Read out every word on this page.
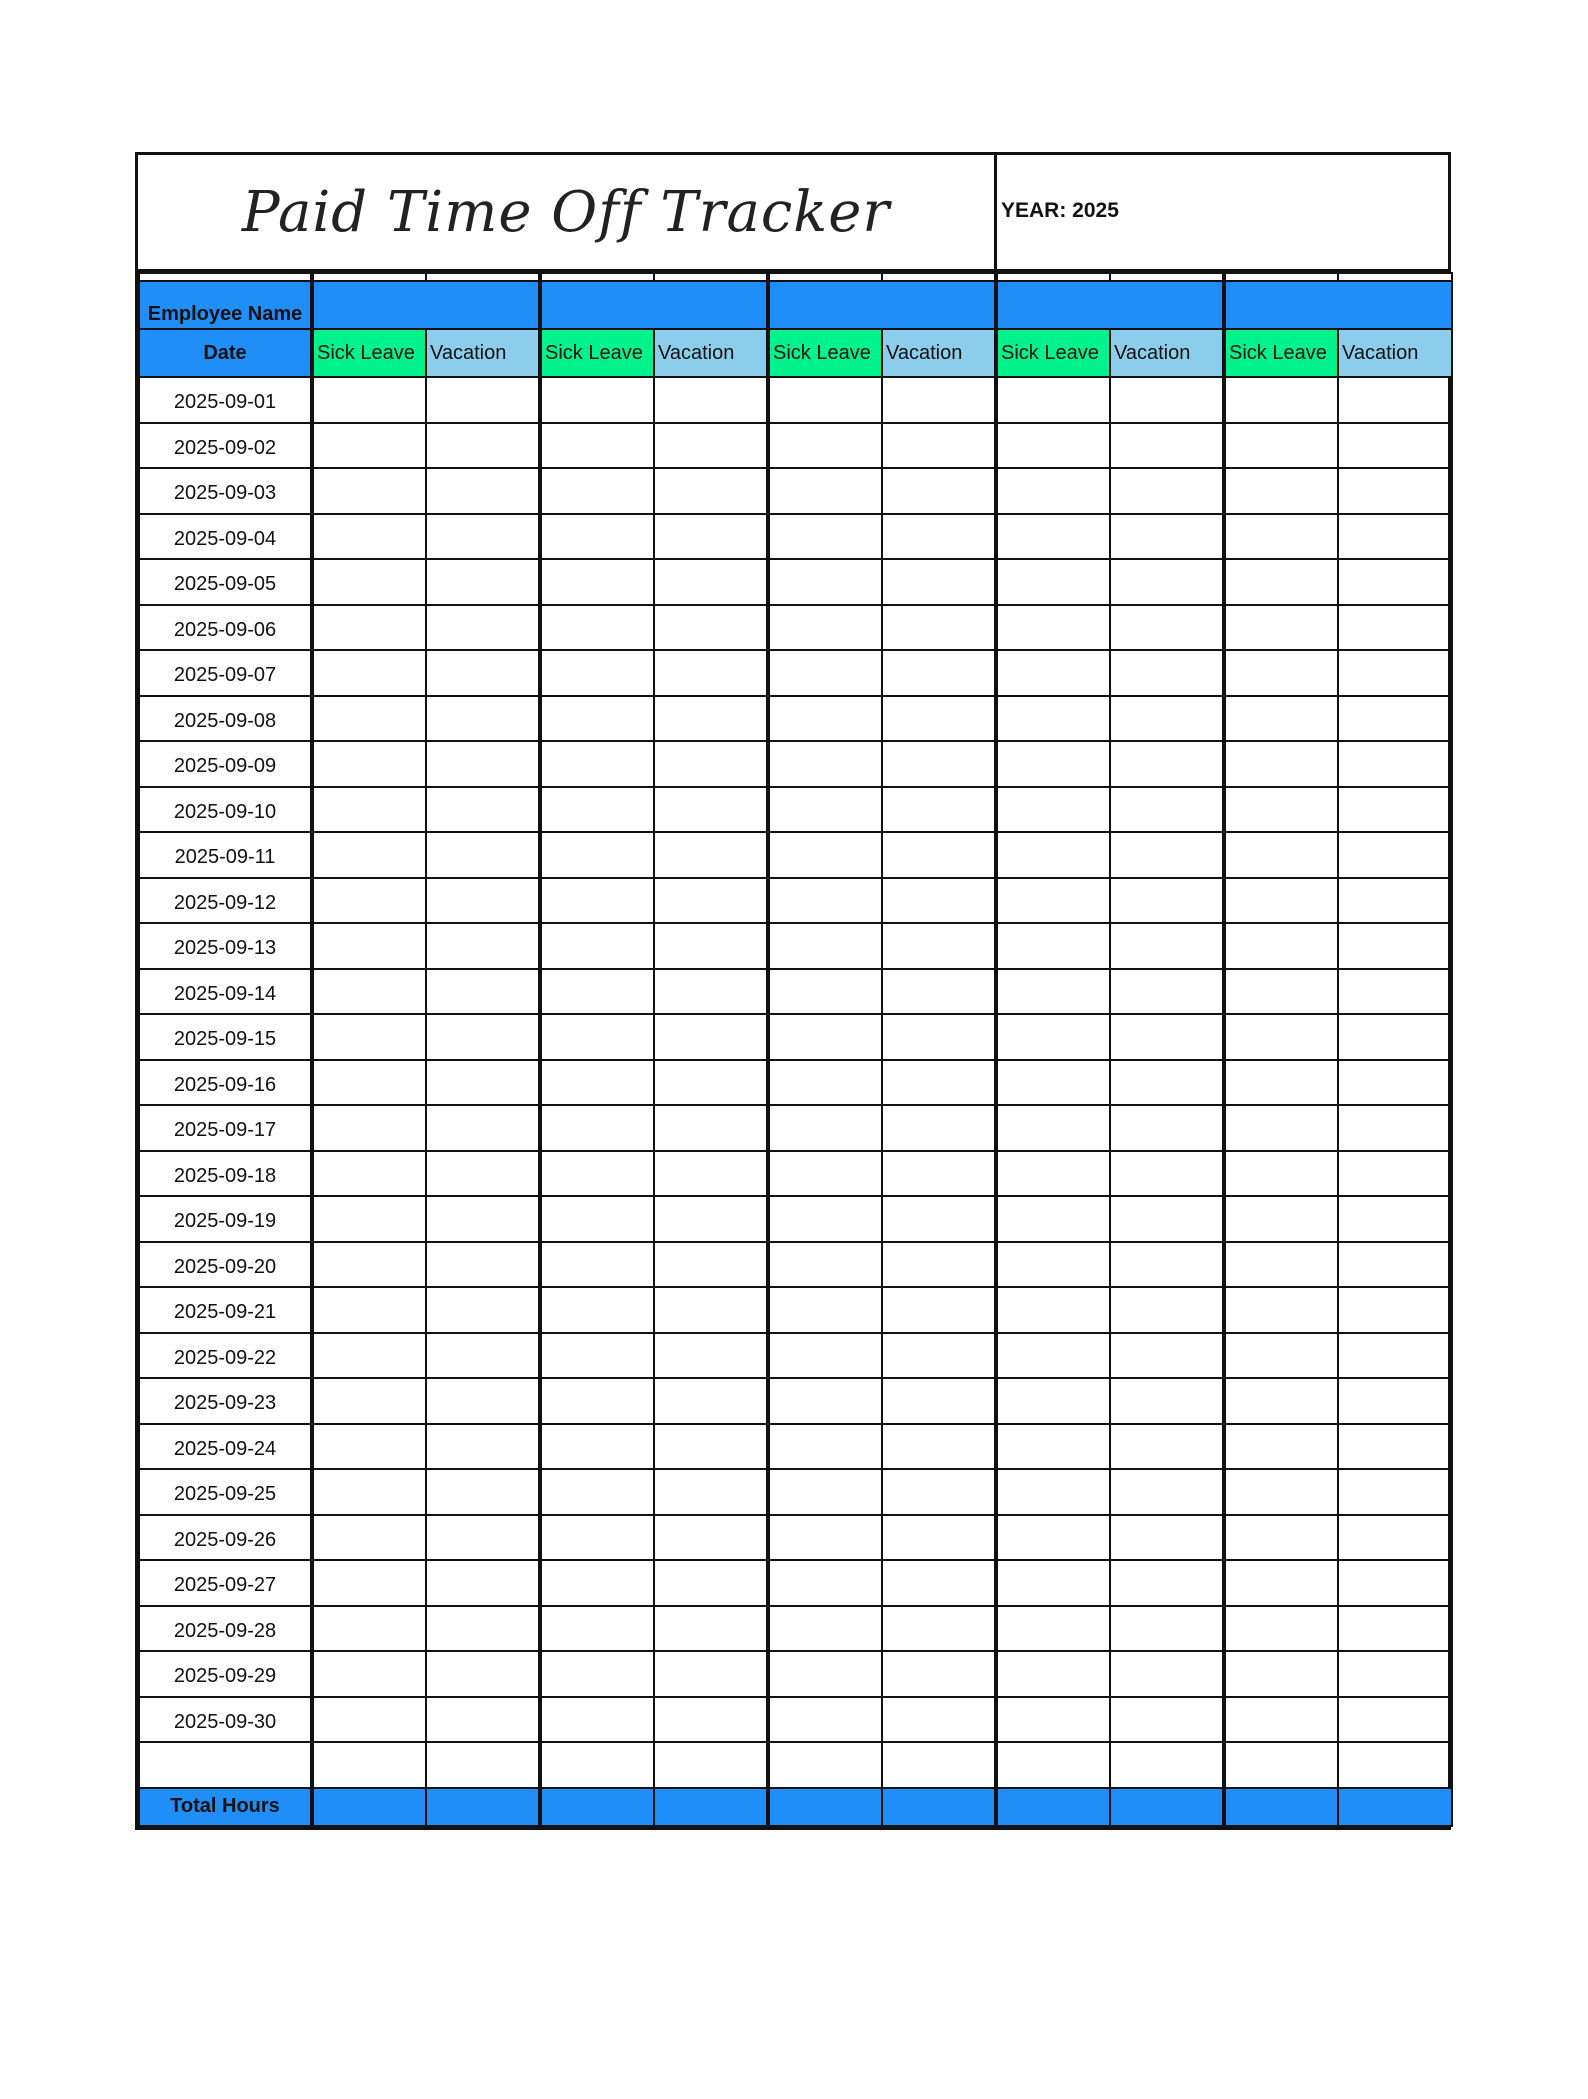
Paid Time Off Tracker	YEAR: 2025

Employee Name										
Date	Sick Leave	Vacation	Sick Leave	Vacation	Sick Leave	Vacation	Sick Leave	Vacation	Sick Leave	Vacation
2025-09-01										
2025-09-02										
2025-09-03										
2025-09-04										
2025-09-05										
2025-09-06										
2025-09-07										
2025-09-08										
2025-09-09										
2025-09-10										
2025-09-11										
2025-09-12										
2025-09-13										
2025-09-14										
2025-09-15										
2025-09-16										
2025-09-17										
2025-09-18										
2025-09-19										
2025-09-20										
2025-09-21										
2025-09-22										
2025-09-23										
2025-09-24										
2025-09-25										
2025-09-26										
2025-09-27										
2025-09-28										
2025-09-29										
2025-09-30										

Total Hours										
